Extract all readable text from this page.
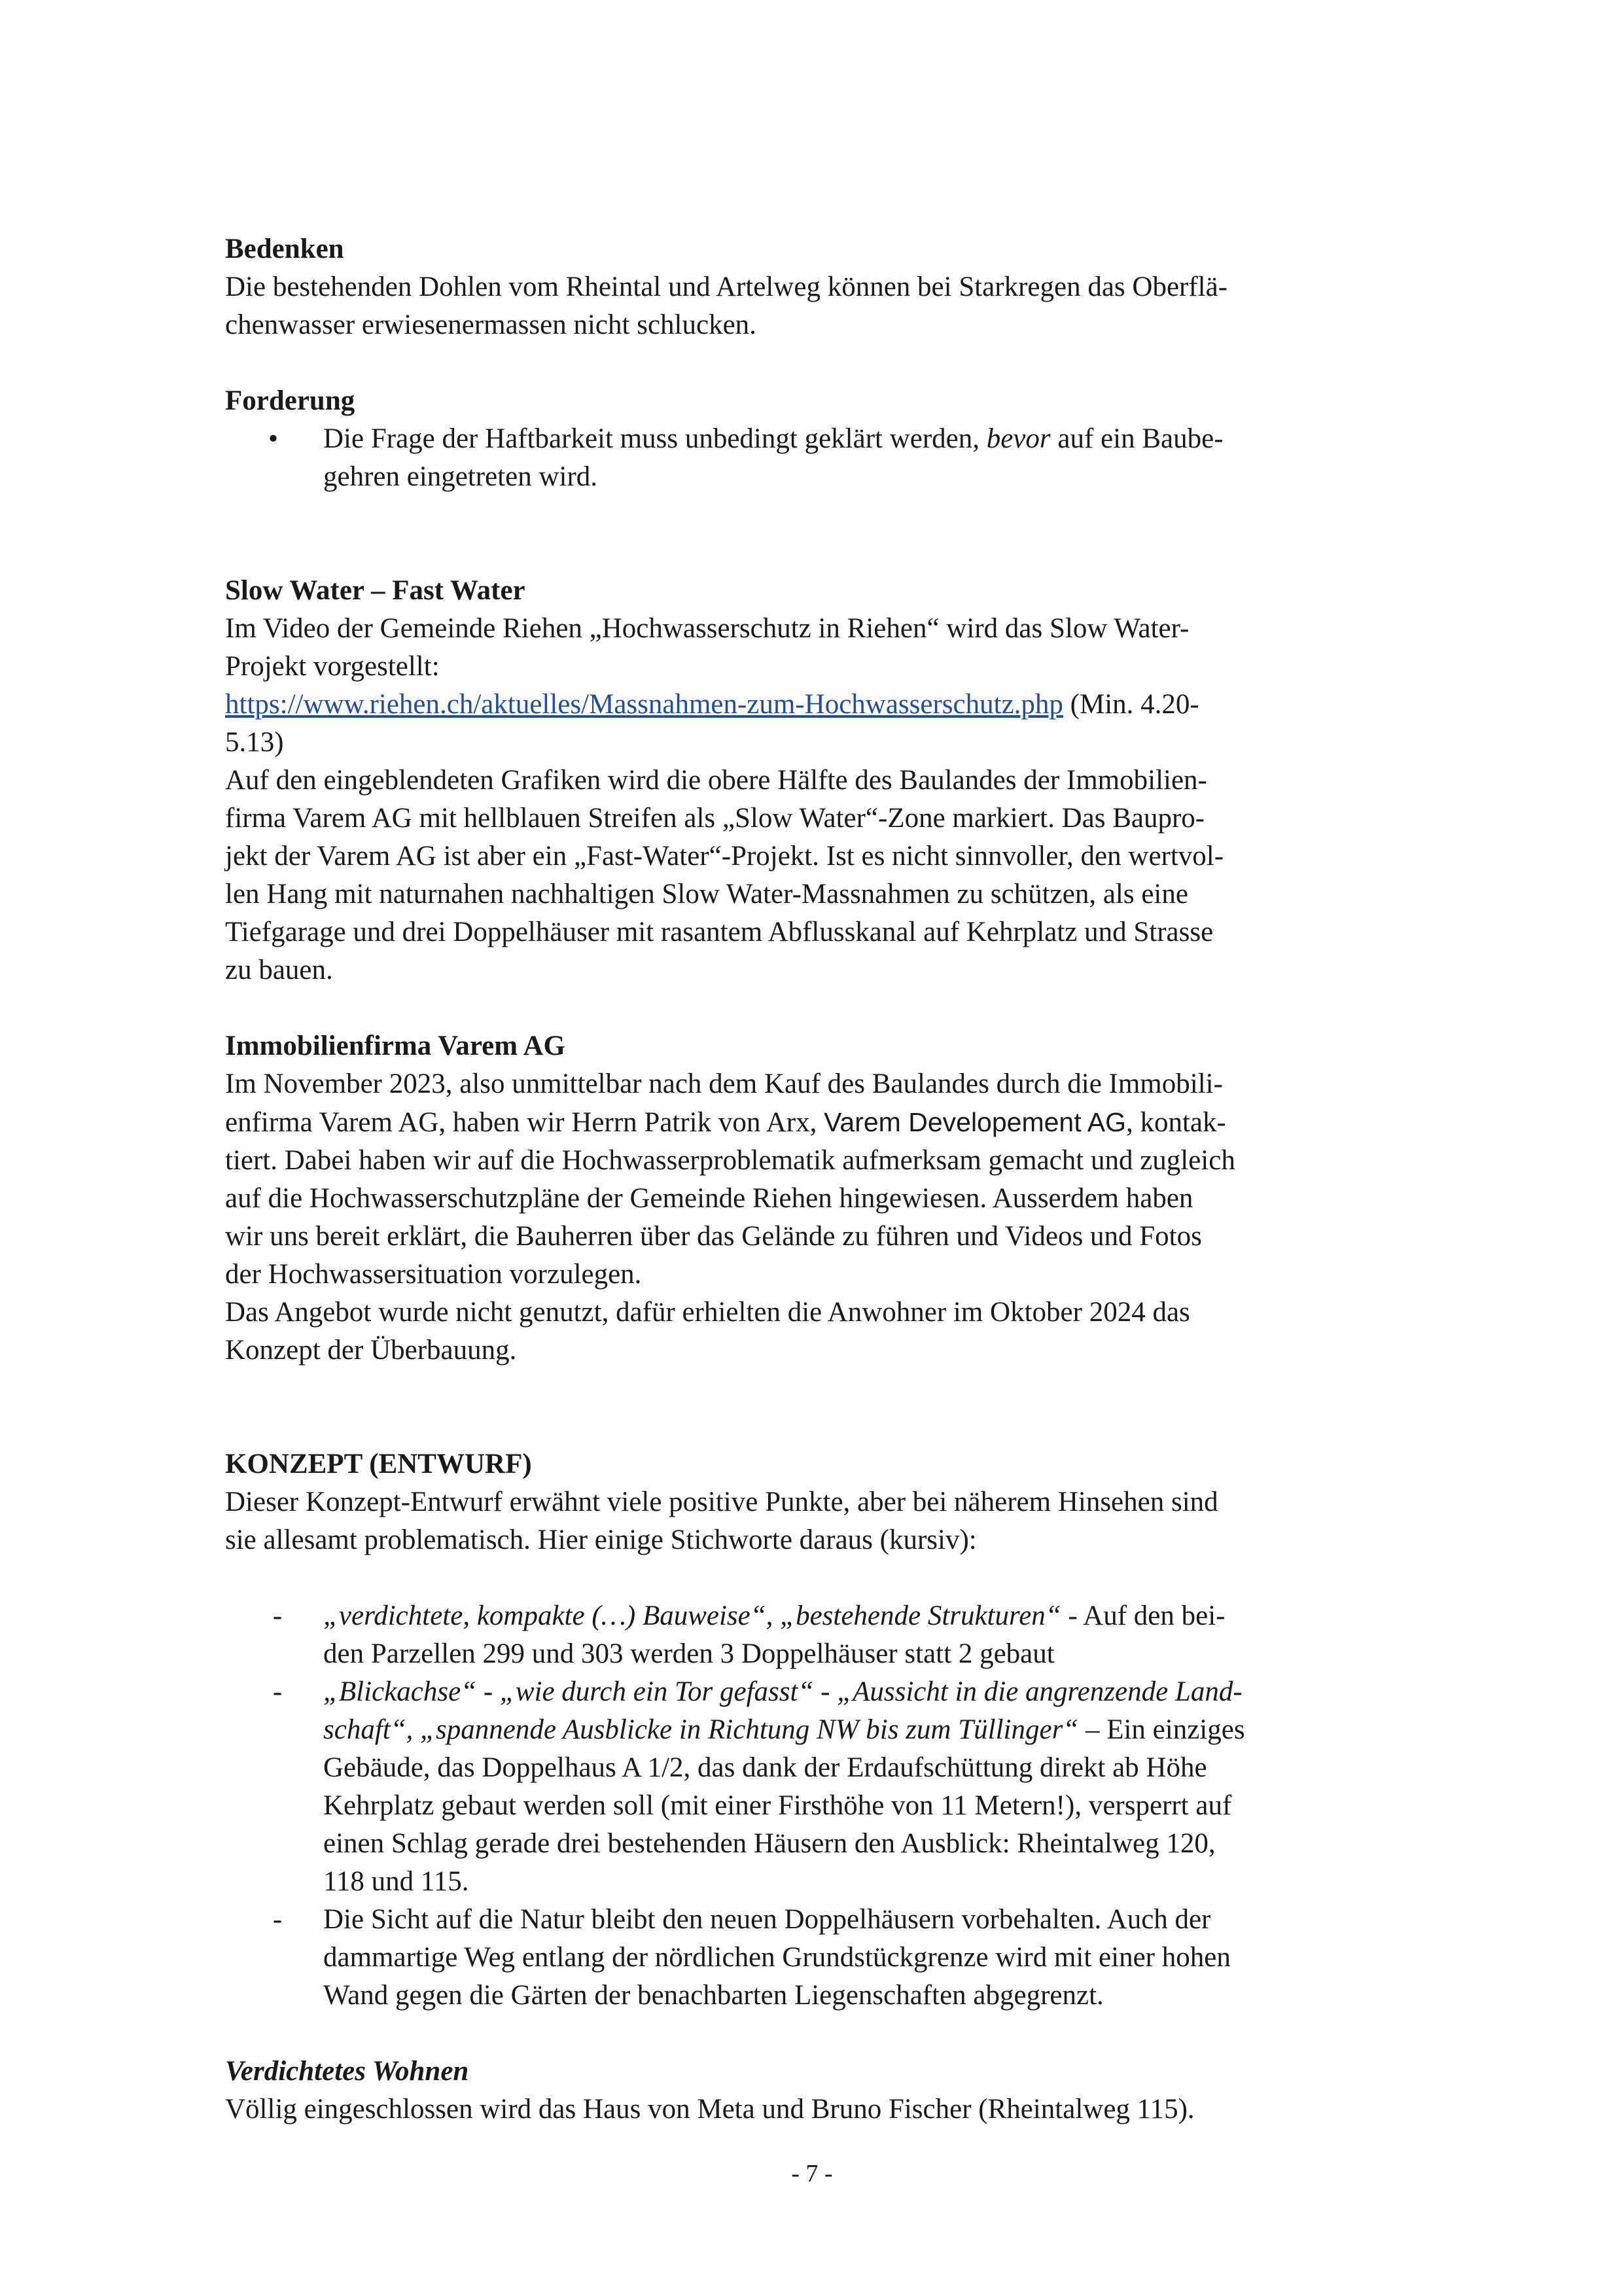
Bedenken

Die bestehenden Dohlen vom Rheintal und Artelweg können bei Starkregen das Oberflä-

chenwasser erwiesenermassen nicht schlucken.

Forderung

• Die Frage der Haftbarkeit muss unbedingt geklärt werden, bevor auf ein Baube-

gehren eingetreten wird.

Slow Water – Fast Water

Im Video der Gemeinde Riehen „Hochwasserschutz in Riehen“ wird das Slow Water-

Projekt vorgestellt:

https://www.riehen.ch/aktuelles/Massnahmen-zum-Hochwasserschutz.php (Min. 4.20-

5.13)

Auf den eingeblendeten Grafiken wird die obere Hälfte des Baulandes der Immobilien-

firma Varem AG mit hellblauen Streifen als „Slow Water“-Zone markiert. Das Baupro-

jekt der Varem AG ist aber ein „Fast-Water“-Projekt. Ist es nicht sinnvoller, den wertvol-

len Hang mit naturnahen nachhaltigen Slow Water-Massnahmen zu schützen, als eine

Tiefgarage und drei Doppelhäuser mit rasantem Abflusskanal auf Kehrplatz und Strasse

zu bauen.

Immobilienfirma Varem AG

Im November 2023, also unmittelbar nach dem Kauf des Baulandes durch die Immobili-

enfirma Varem AG, haben wir Herrn Patrik von Arx, Varem Developement AG, kontak-

tiert. Dabei haben wir auf die Hochwasserproblematik aufmerksam gemacht und zugleich

auf die Hochwasserschutzpläne der Gemeinde Riehen hingewiesen. Ausserdem haben

wir uns bereit erklärt, die Bauherren über das Gelände zu führen und Videos und Fotos

der Hochwassersituation vorzulegen.

Das Angebot wurde nicht genutzt, dafür erhielten die Anwohner im Oktober 2024 das

Konzept der Überbauung.

KONZEPT (ENTWURF)

Dieser Konzept-Entwurf erwähnt viele positive Punkte, aber bei näherem Hinsehen sind

sie allesamt problematisch. Hier einige Stichworte daraus (kursiv):

- „verdichtete, kompakte (…) Bauweise“, „bestehende Strukturen“ - Auf den bei-

den Parzellen 299 und 303 werden 3 Doppelhäuser statt 2 gebaut

- „Blickachse“ - „wie durch ein Tor gefasst“ - „Aussicht in die angrenzende Land-

schaft“, „spannende Ausblicke in Richtung NW bis zum Tüllinger“ – Ein einziges

Gebäude, das Doppelhaus A 1/2, das dank der Erdaufschüttung direkt ab Höhe

Kehrplatz gebaut werden soll (mit einer Firsthöhe von 11 Metern!), versperrt auf

einen Schlag gerade drei bestehenden Häusern den Ausblick: Rheintalweg 120,

118 und 115.

- Die Sicht auf die Natur bleibt den neuen Doppelhäusern vorbehalten. Auch der

dammartige Weg entlang der nördlichen Grundstückgrenze wird mit einer hohen

Wand gegen die Gärten der benachbarten Liegenschaften abgegrenzt.

Verdichtetes Wohnen

Völlig eingeschlossen wird das Haus von Meta und Bruno Fischer (Rheintalweg 115).

- 7 -
